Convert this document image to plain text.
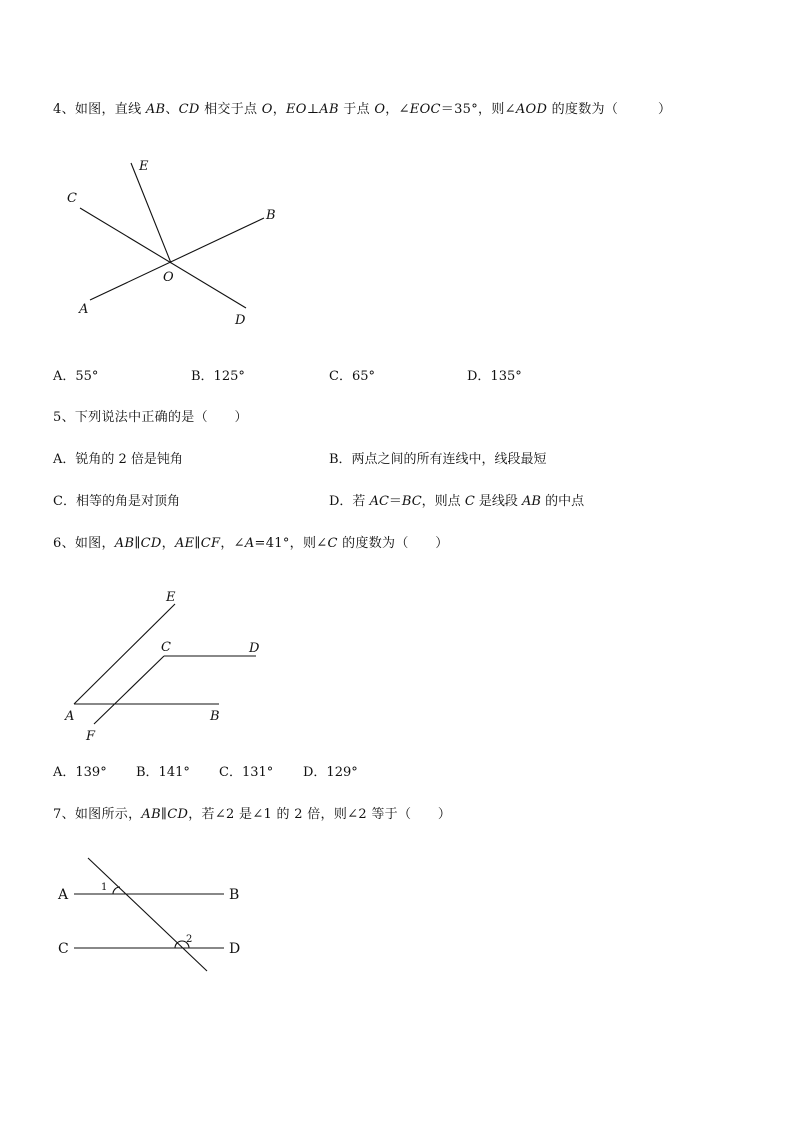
4、如图，直线 AB、CD 相交于点 O，EO⊥AB 于点 O，∠EOC＝35°，则∠AOD 的度数为（　　　）
E
C
B
O
A
D
A．55°	B．125°	C．65°	D．135°
5、下列说法中正确的是（　　）
A．锐角的 2 倍是钝角	B．两点之间的所有连线中，线段最短
C．相等的角是对顶角	D．若 AC＝BC，则点 C 是线段 AB 的中点
6、如图，AB∥CD，AE∥CF，∠A=41°，则∠C 的度数为（　　）
E
C	D
A	B
F
A．139° B．141° C．131° D．129°
7、如图所示，AB∥CD，若∠2 是∠1 的 2 倍，则∠2 等于（　　）
A	B
C	D
1
2
